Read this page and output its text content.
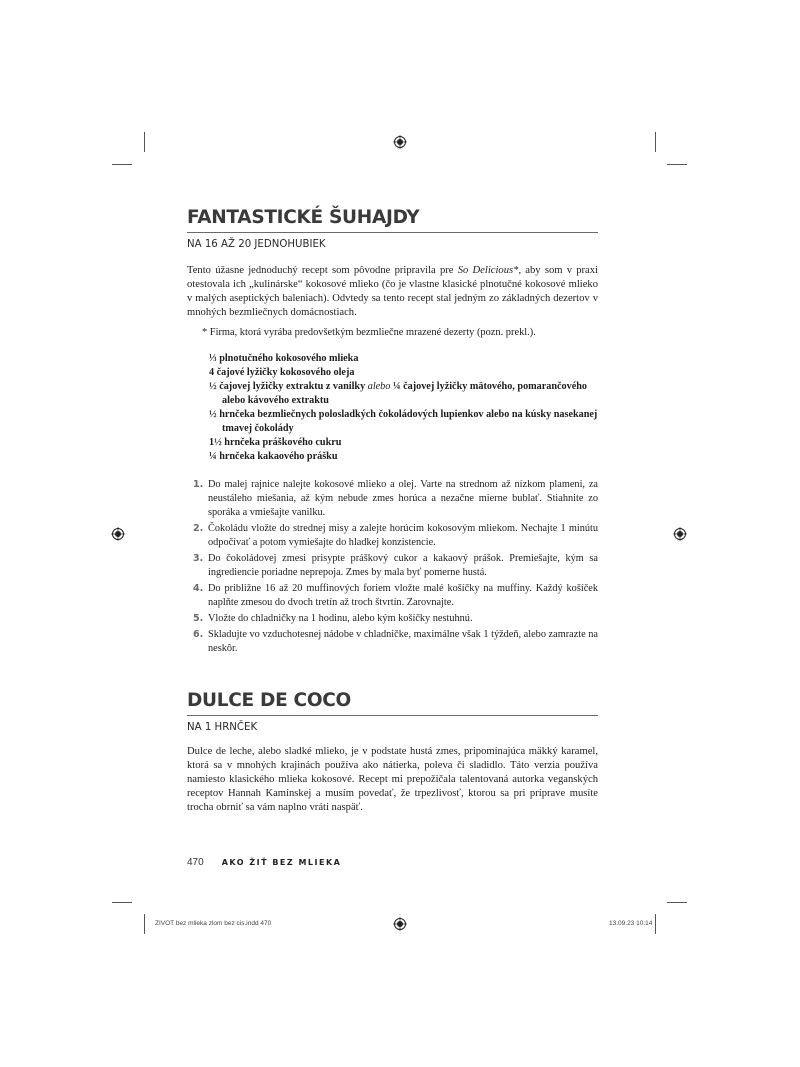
FANTASTICKÉ ŠUHAJDY
NA 16 AŽ 20 JEDNOHUBIEK

Tento úžasne jednoduchý recept som pôvodne pripravila pre So Delicious*, aby som v praxi otestovala ich „kulinárske“ kokosové mlieko (čo je vlastne klasické plnotučné kokosové mlieko v malých aseptických baleniach). Odvtedy sa tento recept stal jedným zo základných dezertov v mnohých bezmliečnych domácnostiach.

* Firma, ktorá vyrába predovšetkým bezmliečne mrazené dezerty (pozn. prekl.).

⅓ plnotučného kokosového mlieka
4 čajové lyžičky kokosového oleja
½ čajovej lyžičky extraktu z vanilky alebo ¼ čajovej lyžičky mätového, pomarančového alebo kávového extraktu
½ hrnčeka bezmliečnych polosladkých čokoládových lupienkov alebo na kúsky nasekanej tmavej čokolády
1½ hrnčeka práškového cukru
¼ hrnčeka kakaového prášku
1. Do malej rajnice nalejte kokosové mlieko a olej. Varte na strednom až nízkom plameni, za neustáleho miešania, až kým nebude zmes horúca a nezačne mierne bublať. Stiahnite zo sporáka a vmiešajte vanilku.
2. Čokoládu vložte do strednej misy a zalejte horúcim kokosovým mliekom. Nechajte 1 minútu odpočívať a potom vymiešajte do hladkej konzistencie.
3. Do čokoládovej zmesi prisypte práškový cukor a kakaový prášok. Premiešajte, kým sa ingrediencie poriadne neprepoja. Zmes by mala byť pomerne hustá.
4. Do približne 16 až 20 muffinových foriem vložte malé košíčky na muffiny. Každý košíček naplňte zmesou do dvoch tretín až troch štvrtín. Zarovnajte.
5. Vložte do chladničky na 1 hodinu, alebo kým košíčky nestuhnú.
6. Skladujte vo vzduchotesnej nádobe v chladničke, maximálne však 1 týždeň, alebo zamrazte na neskôr.
DULCE DE COCO
NA 1 HRNČEK

Dulce de leche, alebo sladké mlieko, je v podstate hustá zmes, pripomínajúca mäkký karamel, ktorá sa v mnohých krajinách používa ako nátierka, poleva či sladidlo. Táto verzia používa namiesto klasického mlieka kokosové. Recept mi prepožičala talentovaná autorka veganských receptov Hannah Kamínskej a musím povedať, že trpezlivosť, ktorou sa pri príprave musíte trocha obrniť sa vám naplno vráti naspäť.

470 AKO ŽIŤ BEZ MLIEKA
ZIVOT bez mlieka zlom bez cis.indd 470	13.09.23 10:14
